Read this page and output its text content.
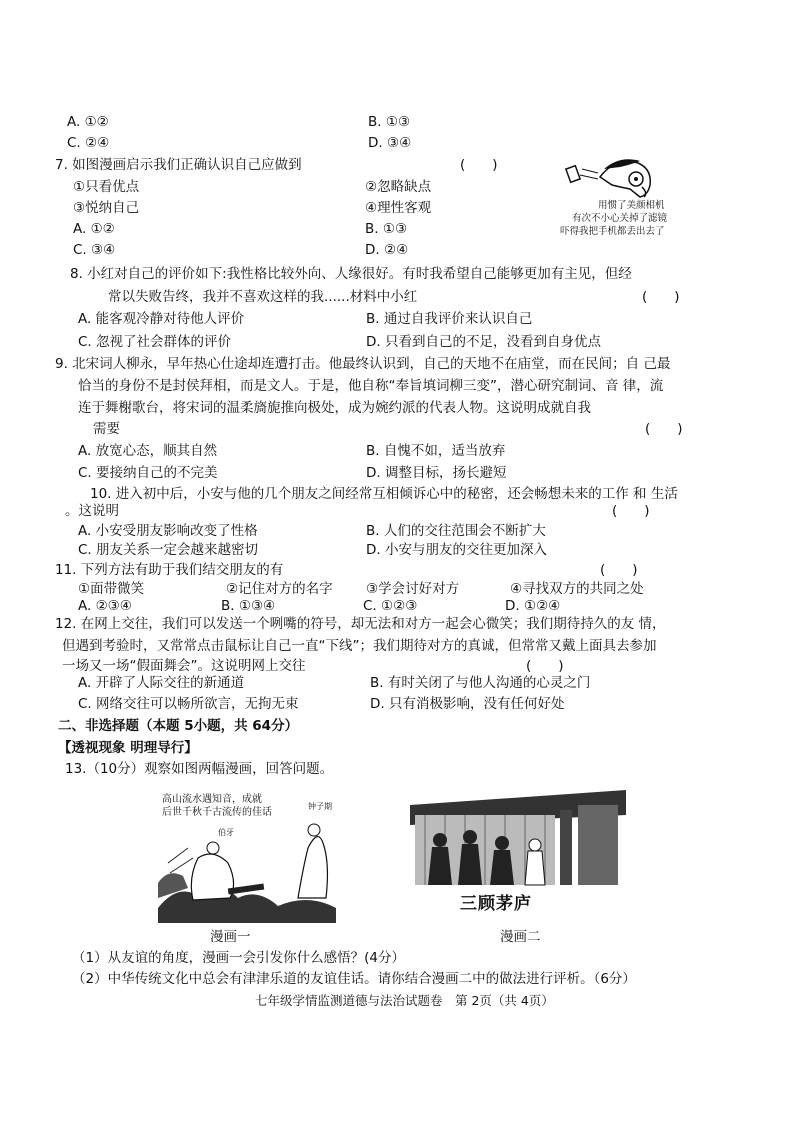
A. ①②	B. ①③
C. ②④	D. ③④
7. 如图漫画启示我们正确认识自己应做到	(　　)
①只看优点	②忽略缺点
③悦纳自己	④理性客观
A. ①②	B. ①③
C. ③④	D. ②④
用惯了美颜相机
有次不小心关掉了滤镜
吓得我把手机都丢出去了
8. 小红对自己的评价如下:我性格比较外向、人缘很好。有时我希望自己能够更加有主见，但经
常以失败告终，我并不喜欢这样的我......材料中小红	(　　)
A. 能客观冷静对待他人评价	B. 通过自我评价来认识自己
C. 忽视了社会群体的评价	D. 只看到自己的不足，没看到自身优点
9. 北宋词人柳永，早年热心仕途却连遭打击。他最终认识到，自己的天地不在庙堂，而在民间；自 己最
恰当的身份不是封侯拜相，而是文人。于是，他自称“奉旨填词柳三变”，潜心研究制词、音 律，流
连于舞榭歌台，将宋词的温柔旖旎推向极处，成为婉约派的代表人物。这说明成就自我
需要	(　　)
A. 放宽心态，顺其自然	B. 自愧不如，适当放弃
C. 要接纳自己的不完美	D. 调整目标，扬长避短
10. 进入初中后，小安与他的几个朋友之间经常互相倾诉心中的秘密，还会畅想未来的工作 和 生活
。这说明	(　　)
A. 小安受朋友影响改变了性格	B. 人们的交往范围会不断扩大
C. 朋友关系一定会越来越密切	D. 小安与朋友的交往更加深入
11. 下列方法有助于我们结交朋友的有	(　　)
①面带微笑	②记住对方的名字 ③学会讨好对方	④寻找双方的共同之处
A. ②③④	B. ①③④	C. ①②③	D. ①②④
12. 在网上交往，我们可以发送一个咧嘴的符号，却无法和对方一起会心微笑；我们期待持久的友 情，
但遇到考验时，又常常点击鼠标让自己一直“下线”；我们期待对方的真诚，但常常又戴上面具去参加
一场又一场“假面舞会”。这说明网上交往	(　　)
A. 开辟了人际交往的新通道	B. 有时关闭了与他人沟通的心灵之门
C. 网络交往可以畅所欲言，无拘无束	D. 只有消极影响，没有任何好处
二、非选择题（本题 5小题，共 64分）
【透视现象 明理导行】
13.（10分）观察如图两幅漫画，回答问题。
高山流水遇知音，成就
后世千秋千古流传的佳话
钟子期
伯牙
三顾茅庐
漫画一	漫画二
（1）从友谊的角度，漫画一会引发你什么感悟？(4分）
（2）中华传统文化中总会有津津乐道的友谊佳话。请你结合漫画二中的做法进行评析。（6分）
七年级学情监测道德与法治试题卷　第 2页（共 4页）
